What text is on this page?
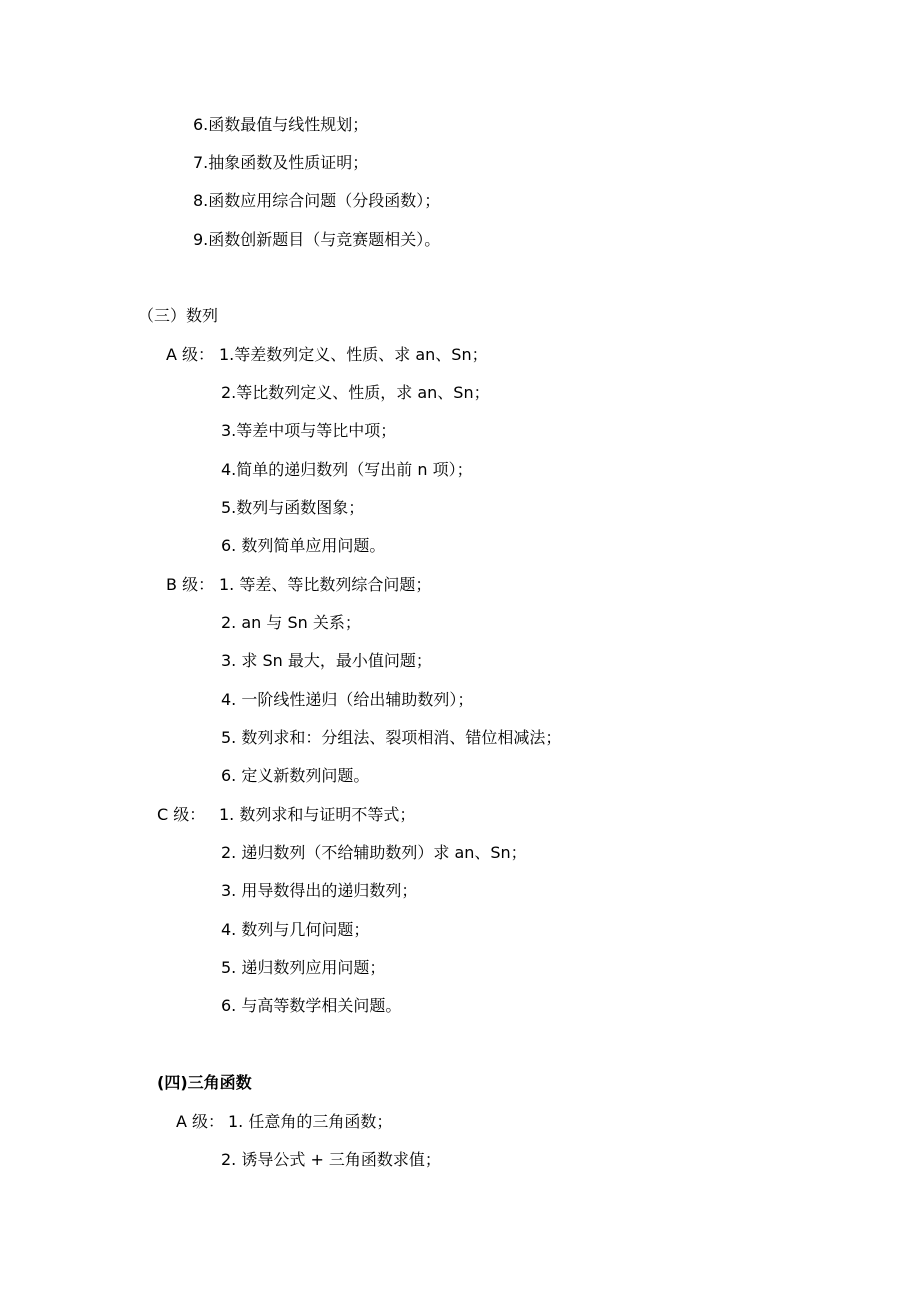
6.函数最值与线性规划；
7.抽象函数及性质证明；
8.函数应用综合问题（分段函数）；
9.函数创新题目（与竞赛题相关）。
（三）数列
A 级： 1.等差数列定义、性质、求 an、Sn；
2.等比数列定义、性质，求 an、Sn；
3.等差中项与等比中项；
4.简单的递归数列（写出前 n 项）；
5.数列与函数图象；
6. 数列简单应用问题。
B 级： 1. 等差、等比数列综合问题；
2. an 与 Sn 关系；
3. 求 Sn 最大，最小值问题；
4. 一阶线性递归（给出辅助数列）；
5. 数列求和：分组法、裂项相消、错位相减法；
6. 定义新数列问题。
C 级： 1. 数列求和与证明不等式；
2. 递归数列（不给辅助数列）求 an、Sn；
3. 用导数得出的递归数列；
4. 数列与几何问题；
5. 递归数列应用问题；
6. 与高等数学相关问题。
(四)三角函数
A 级： 1. 任意角的三角函数；
2. 诱导公式 + 三角函数求值；
